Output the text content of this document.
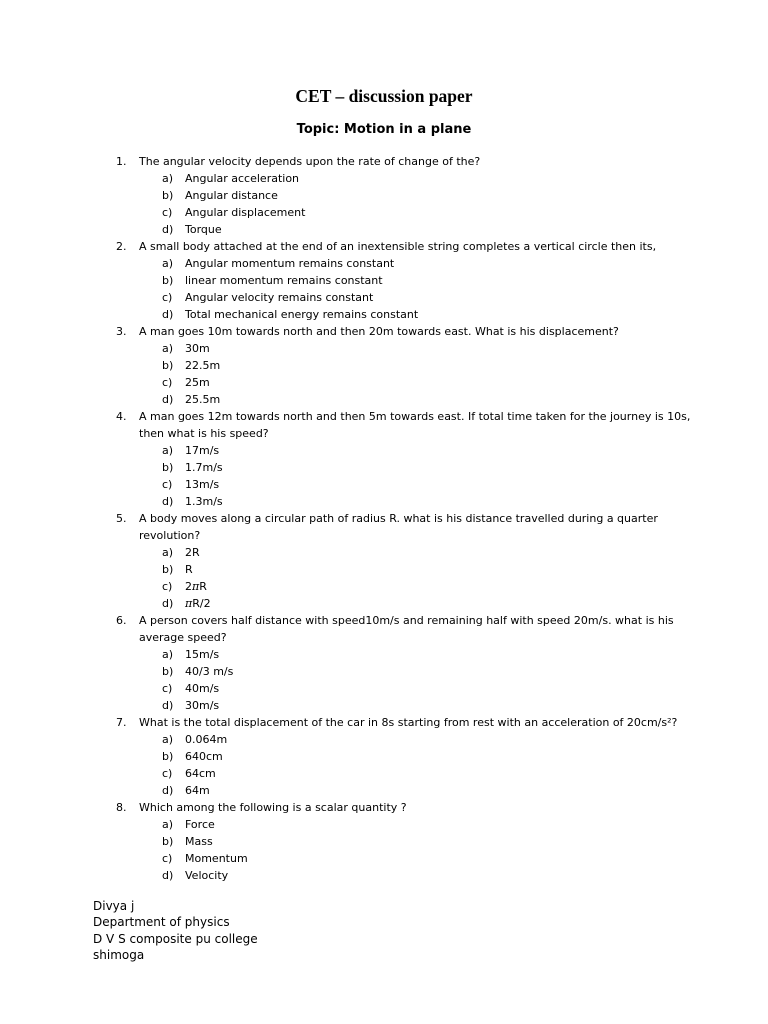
CET – discussion paper
Topic: Motion in a plane
1. The angular velocity depends upon the rate of change of the?
a) Angular acceleration
b) Angular distance
c) Angular displacement
d) Torque
2. A small body attached at the end of an inextensible string completes a vertical circle then its,
a) Angular momentum remains constant
b) linear momentum remains constant
c) Angular velocity remains constant
d) Total mechanical energy remains constant
3. A man goes 10m towards north and then 20m towards east. What is his displacement?
a) 30m
b) 22.5m
c) 25m
d) 25.5m
4. A man goes 12m towards north and then 5m towards east. If total time taken for the journey is 10s,
then what is his speed?
a) 17m/s
b) 1.7m/s
c) 13m/s
d) 1.3m/s
5. A body moves along a circular path of radius R. what is his distance travelled during a quarter
revolution?
a) 2R
b) R
c) 2πR
d) πR/2
6. A person covers half distance with speed10m/s and remaining half with speed 20m/s. what is his
average speed?
a) 15m/s
b) 40/3 m/s
c) 40m/s
d) 30m/s
7. What is the total displacement of the car in 8s starting from rest with an acceleration of 20cm/s²?
a) 0.064m
b) 640cm
c) 64cm
d) 64m
8. Which among the following is a scalar quantity ?
a) Force
b) Mass
c) Momentum
d) Velocity
Divya j
Department of physics
D V S composite pu college
shimoga
